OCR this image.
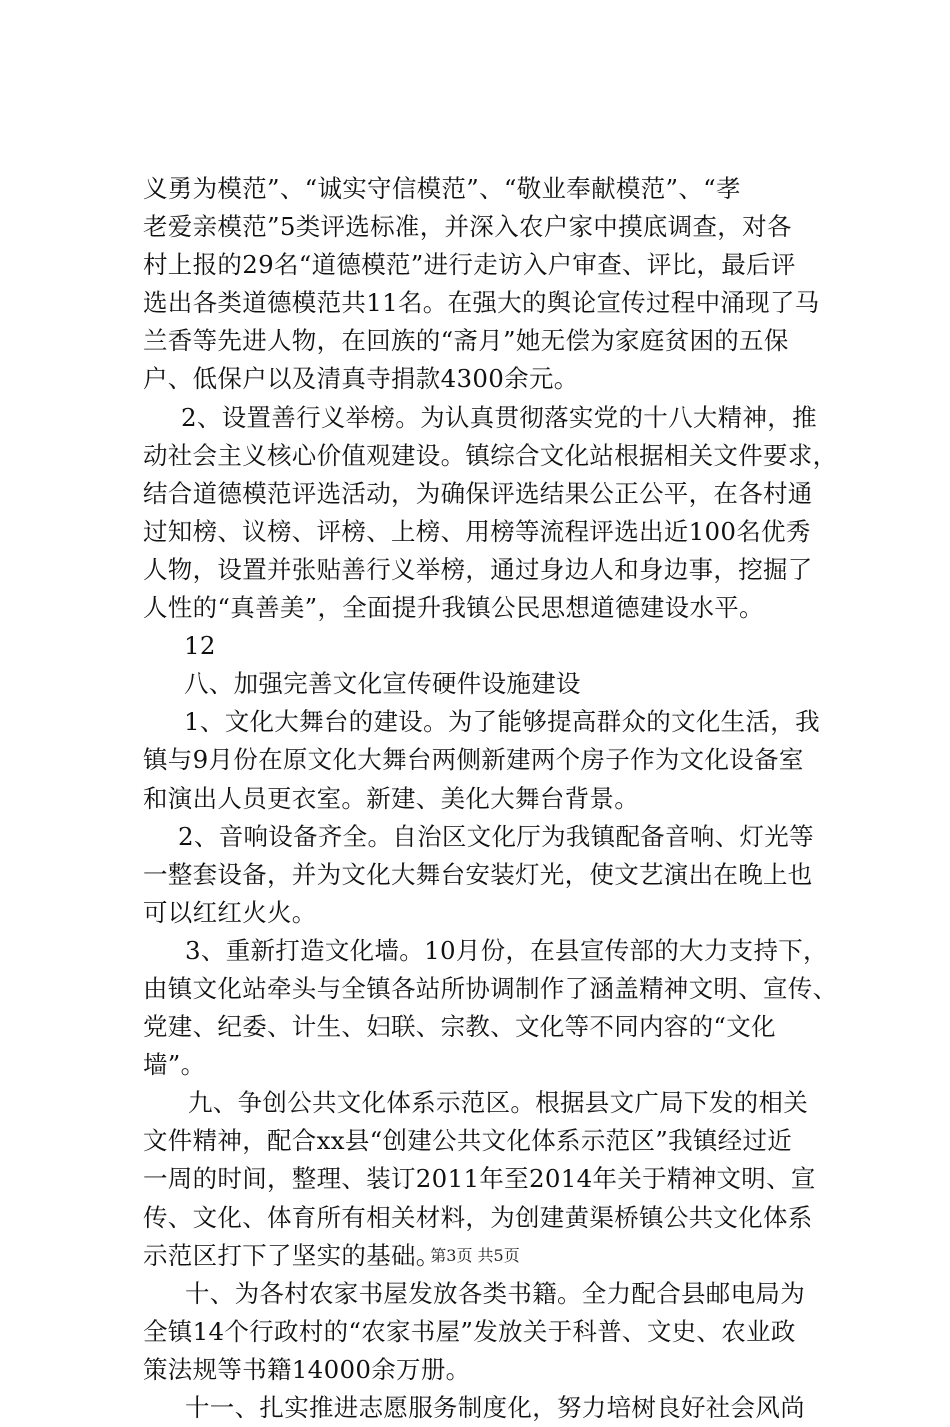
义勇为模范”、“诚实守信模范”、“敬业奉献模范”、“孝
老爱亲模范”5类评选标准，并深入农户家中摸底调查，对各
村上报的29名“道德模范”进行走访入户审查、评比，最后评
选出各类道德模范共11名。在强大的舆论宣传过程中涌现了马
兰香等先进人物，在回族的“斋月”她无偿为家庭贫困的五保
户、低保户以及清真寺捐款4300余元。
2、设置善行义举榜。为认真贯彻落实党的十八大精神，推
动社会主义核心价值观建设。镇综合文化站根据相关文件要求，
结合道德模范评选活动，为确保评选结果公正公平，在各村通
过知榜、议榜、评榜、上榜、用榜等流程评选出近100名优秀
人物，设置并张贴善行义举榜，通过身边人和身边事，挖掘了
人性的“真善美”，全面提升我镇公民思想道德建设水平。
12
八、加强完善文化宣传硬件设施建设
1、文化大舞台的建设。为了能够提高群众的文化生活，我
镇与9月份在原文化大舞台两侧新建两个房子作为文化设备室
和演出人员更衣室。新建、美化大舞台背景。
2、音响设备齐全。自治区文化厅为我镇配备音响、灯光等
一整套设备，并为文化大舞台安装灯光，使文艺演出在晚上也
可以红红火火。
3、重新打造文化墙。10月份，在县宣传部的大力支持下，
由镇文化站牵头与全镇各站所协调制作了涵盖精神文明、宣传、
党建、纪委、计生、妇联、宗教、文化等不同内容的“文化
墙”。
九、争创公共文化体系示范区。根据县文广局下发的相关
文件精神，配合xx县“创建公共文化体系示范区”我镇经过近
一周的时间，整理、装订2011年至2014年关于精神文明、宣
传、文化、体育所有相关材料，为创建黄渠桥镇公共文化体系
示范区打下了坚实的基础。
十、为各村农家书屋发放各类书籍。全力配合县邮电局为
全镇14个行政村的“农家书屋”发放关于科普、文史、农业政
策法规等书籍14000余万册。
十一、扎实推进志愿服务制度化，努力培树良好社会风尚
第3页 共5页
